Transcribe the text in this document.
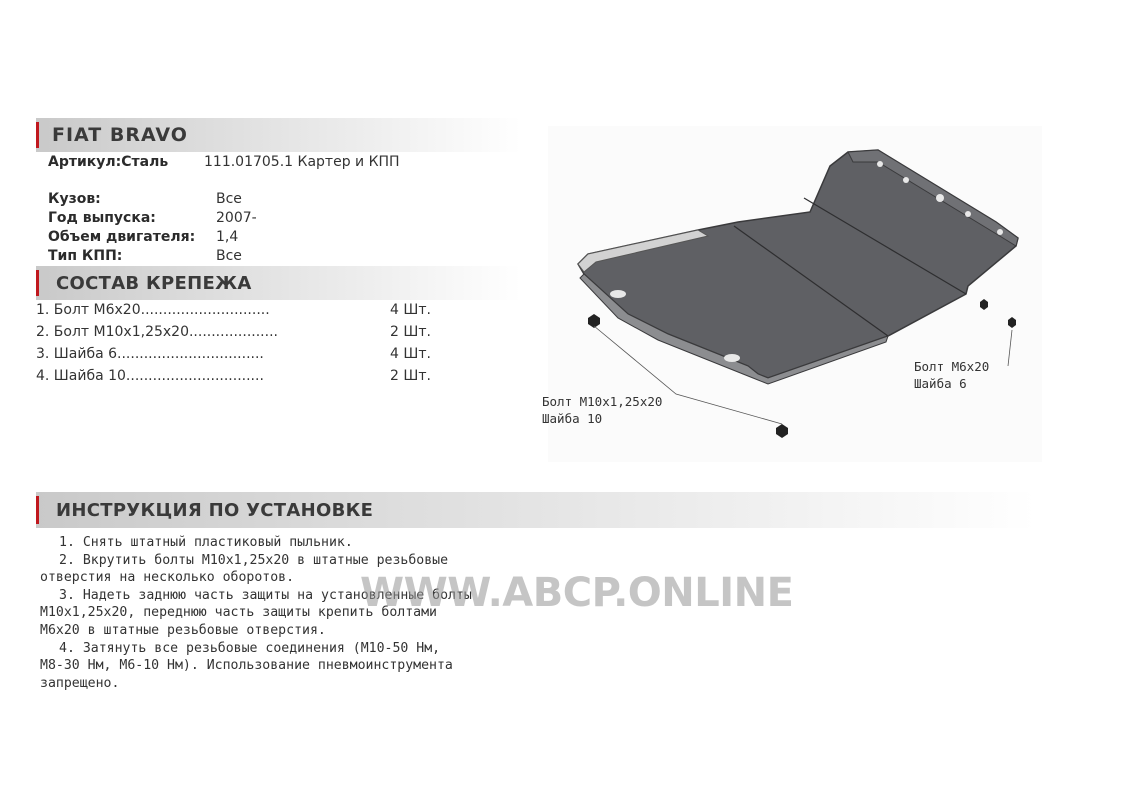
FIAT BRAVO
Артикул:Сталь	111.01705.1 Картер и КПП
Кузов:	Все
Год выпуска:	2007-
Объем двигателя: 1,4
Тип КПП:	Все
СОСТАВ КРЕПЕЖА
1. Болт М6х20.............................	4 Шт.
2. Болт М10х1,25х20....................	2 Шт.
3. Шайба 6.................................	4 Шт.
4. Шайба 10...............................	2 Шт.
Болт М10х1,25х20
Шайба 10
Болт М6х20
Шайба 6
ИНСТРУКЦИЯ ПО УСТАНОВКЕ

1. Снять штатный пластиковый пыльник.

2. Вкрутить болты М10х1,25х20 в штатные резьбовые

отверстия на несколько оборотов.

3. Надеть заднюю часть защиты на установленные болты

М10х1,25х20, переднюю часть защиты крепить болтами

М6х20 в штатные резьбовые отверстия.

4. Затянуть все резьбовые соединения (М10-50 Нм,

М8-30 Нм, М6-10 Нм). Использование пневмоинструмента

запрещено.

WWW.ABCP.ONLINE
